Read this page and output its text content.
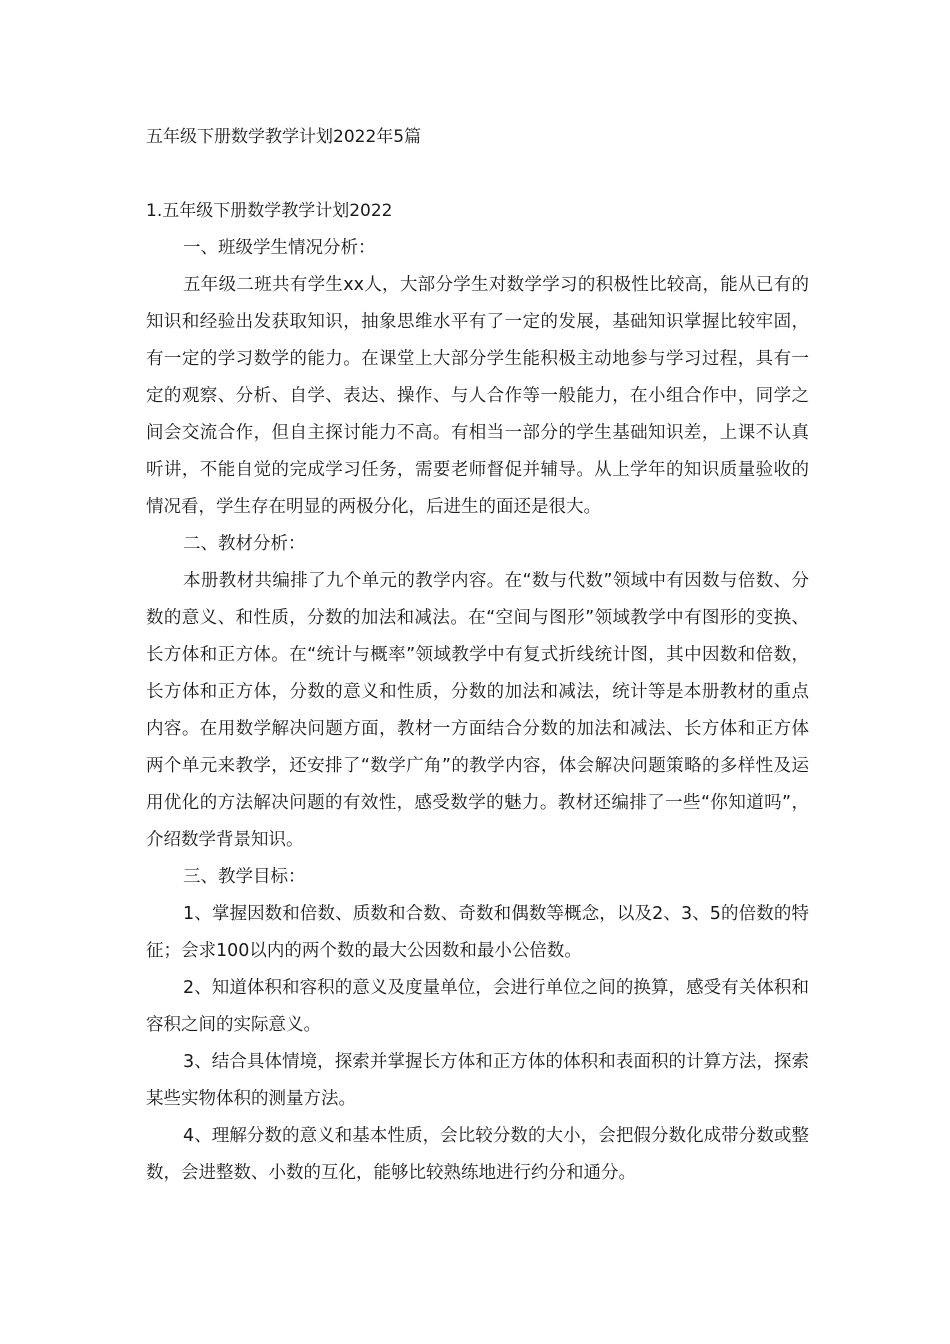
五年级下册数学教学计划2022年5篇
1.五年级下册数学教学计划2022
一、班级学生情况分析：

五年级二班共有学生xx人，大部分学生对数学学习的积极性比较高，能从已有的知识和经验出发获取知识，抽象思维水平有了一定的发展，基础知识掌握比较牢固，有一定的学习数学的能力。在课堂上大部分学生能积极主动地参与学习过程，具有一定的观察、分析、自学、表达、操作、与人合作等一般能力，在小组合作中，同学之间会交流合作，但自主探讨能力不高。有相当一部分的学生基础知识差，上课不认真听讲，不能自觉的完成学习任务，需要老师督促并辅导。从上学年的知识质量验收的情况看，学生存在明显的两极分化，后进生的面还是很大。

二、教材分析：

本册教材共编排了九个单元的教学内容。在“数与代数”领域中有因数与倍数、分数的意义、和性质，分数的加法和减法。在“空间与图形”领域教学中有图形的变换、长方体和正方体。在“统计与概率”领域教学中有复式折线统计图，其中因数和倍数，长方体和正方体，分数的意义和性质，分数的加法和减法，统计等是本册教材的重点内容。在用数学解决问题方面，教材一方面结合分数的加法和减法、长方体和正方体两个单元来教学，还安排了“数学广角”的教学内容，体会解决问题策略的多样性及运用优化的方法解决问题的有效性，感受数学的魅力。教材还编排了一些“你知道吗”，介绍数学背景知识。

三、教学目标：

1、掌握因数和倍数、质数和合数、奇数和偶数等概念，以及2、3、5的倍数的特征；会求100以内的两个数的最大公因数和最小公倍数。

2、知道体积和容积的意义及度量单位，会进行单位之间的换算，感受有关体积和容积之间的实际意义。

3、结合具体情境，探索并掌握长方体和正方体的体积和表面积的计算方法，探索某些实物体积的测量方法。

4、理解分数的意义和基本性质，会比较分数的大小，会把假分数化成带分数或整数，会进整数、小数的互化，能够比较熟练地进行约分和通分。
